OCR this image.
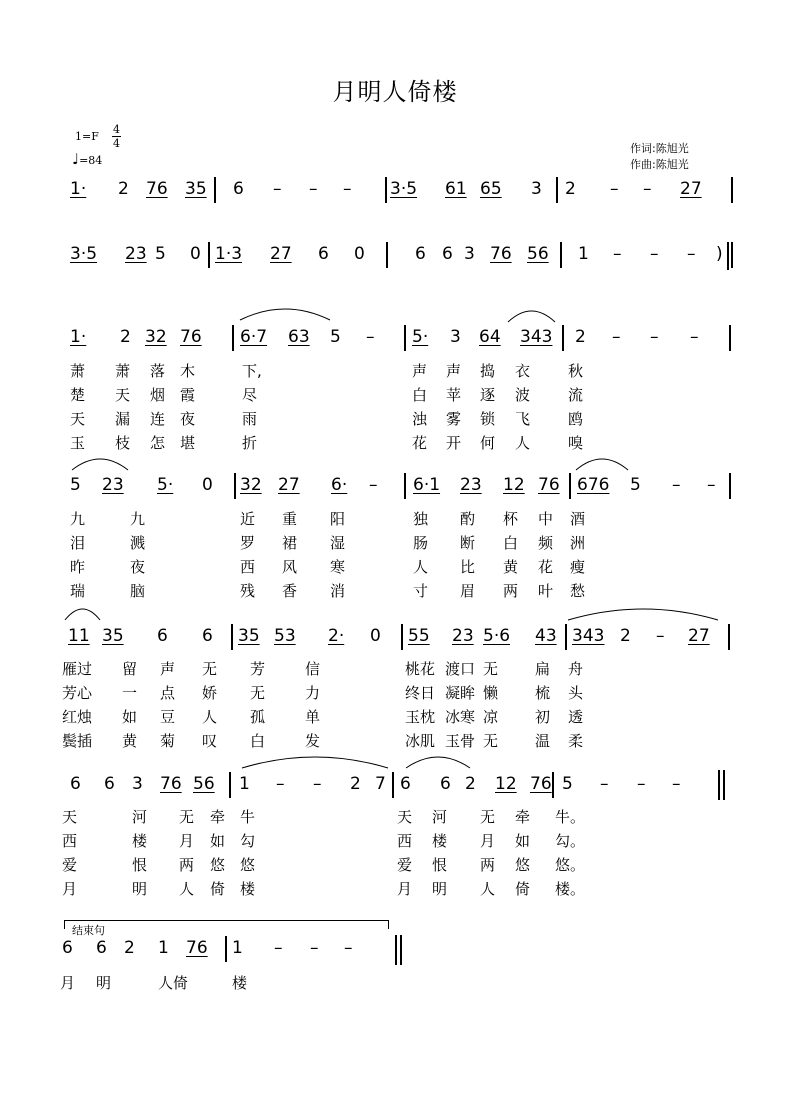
月明人倚楼
1=F
4
4
♩=84
作词:陈旭光
作曲:陈旭光
1· 2 76 35 6 – – – 3·5 61 65 3 2 – – 27
3·5 23 5 0 1·3 27 6 0	6 6 3 76 56 1 – – – )
1· 2 32 76 6·7 63 5 – 5· 3 64 343 2 – – –
5 23 5· 0 32 27 6· – 6·1 23 12 76 676 5 – –
11 35 6 6 35 53 2· 0 55 23 5·6 43 343 2 – 27
6 6 3 76 56 1 – – 2 7 6 6 2 12 76 5 – – –
6 6 2 1 76 1 – – –
萧 萧 落 木	下,	声 声 捣 衣	秋
楚 天 烟 霞	尽	白 苹 逐 波	流
天 漏 连 夜	雨	浊 雾 锁 飞	鸥
玉 枝 怎 堪	折	花 开 何 人	嗅
九	九	近 重 阳	独 酌 杯 中 酒
泪	溅	罗 裙 湿	肠 断 白 频 洲
昨	夜	西 风 寒	人 比 黄 花 瘦
瑞	脑	残 香 消	寸 眉 两 叶 愁
雁过 留 声 无 芳	信	桃花 渡口 无 扁 舟
芳心 一 点 娇 无	力	终日 凝眸 懒 梳 头
红烛 如 豆 人 孤	单	玉枕 冰寒 凉 初 透
鬓插 黄 菊 叹 白	发	冰肌 玉骨 无 温 柔
天	河 无 牵 牛	天 河 无 牵 牛。
西	楼 月 如 勾	西 楼 月 如 勾。
爱	恨 两 悠 悠	爱 恨 两 悠 悠。
月	明 人 倚 楼	月 明 人 倚 楼。
月 明	人倚	楼
结束句
